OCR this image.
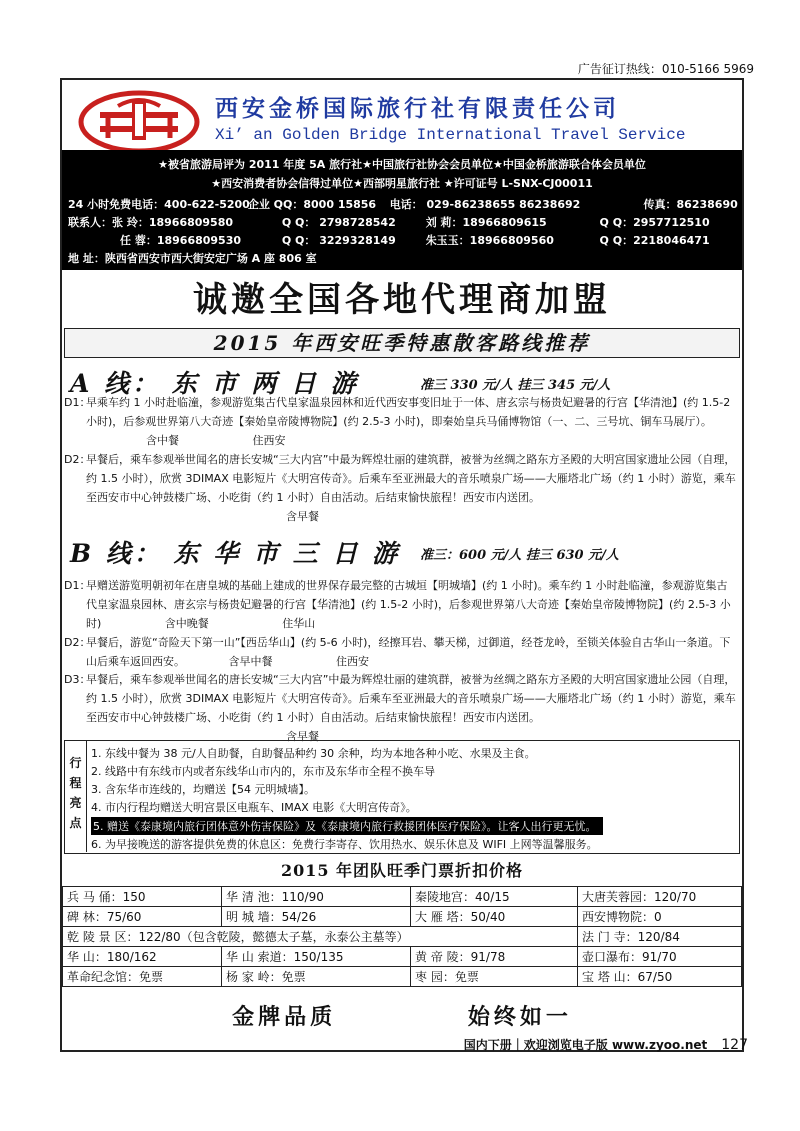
广告征订热线：010-5166 5969
西安金桥国际旅行社有限责任公司
Xi’ an Golden Bridge International Travel Service
★被省旅游局评为 2011 年度 5A 旅行社★中国旅行社协会会员单位★中国金桥旅游联合体会员单位
★西安消费者协会信得过单位★西部明星旅行社 ★许可证号 L-SNX-CJ00011
24 小时免费电话：400-622-5200 企业 QQ：8000 15856 电话： 029-86238655 86238692	传真：86238690
联系人：张 玲：18966809580	Q Q： 2798728542	刘 莉：18966809615	Q Q：2957712510
任 蓉：18966809530	Q Q： 3229328149	朱玉玉：18966809560	Q Q：2218046471
地 址：陕西省西安市西大街安定广场 A 座 806 室
诚邀全国各地代理商加盟
2015 年西安旺季特惠散客路线推荐
A 线： 东 市 两 日 游	准三 330 元/人 挂三 345 元/人
D1：
早乘车约 1 小时赴临潼，参观游览集古代皇家温泉园林和近代西安事变旧址于一体、唐玄宗与杨贵妃避暑的行宫【华清池】(约 1.5-2 小时)，后参观世界第八大奇迹【秦始皇帝陵博物院】(约 2.5-3 小时)，即秦始皇兵马俑博物馆（一、二、三号坑、铜车马展厅）。 含中餐	住西安
D2：
早餐后，乘车参观举世闻名的唐长安城“三大内宫”中最为辉煌壮丽的建筑群，被誉为丝绸之路东方圣殿的大明宫国家遗址公园（自理，约 1.5 小时），欣赏 3DIMAX 电影短片《大明宫传奇》。后乘车至亚洲最大的音乐喷泉广场——大雁塔北广场（约 1 小时）游览，乘车至西安市中心钟鼓楼广场、小吃街（约 1 小时）自由活动。后结束愉快旅程！西安市内送团。 含早餐
B 线： 东 华 市 三 日 游 准三：600 元/人 挂三 630 元/人
D1：
早赠送游览明朝初年在唐皇城的基础上建成的世界保存最完整的古城垣【明城墙】(约 1 小时)。乘车约 1 小时赴临潼，参观游览集古代皇家温泉园林、唐玄宗与杨贵妃避暑的行宫【华清池】(约 1.5-2 小时)，后参观世界第八大奇迹【秦始皇帝陵博物院】(约 2.5-3 小时)	含中晚餐	住华山
D2：
早餐后，游览“奇险天下第一山”【西岳华山】(约 5-6 小时)，经擦耳岩、攀天梯，过御道，经苍龙岭，至锁关体验自古华山一条道。下山后乘车返回西安。	含早中餐	住西安
D3：
早餐后，乘车参观举世闻名的唐长安城“三大内宫”中最为辉煌壮丽的建筑群，被誉为丝绸之路东方圣殿的大明宫国家遗址公园（自理，约 1.5 小时），欣赏 3DIMAX 电影短片《大明宫传奇》。后乘车至亚洲最大的音乐喷泉广场——大雁塔北广场（约 1 小时）游览，乘车至西安市中心钟鼓楼广场、小吃街（约 1 小时）自由活动。后结束愉快旅程！西安市内送团。 含早餐
行程亮点
1. 东线中餐为 38 元/人自助餐，自助餐品种约 30 余种，均为本地各种小吃、水果及主食。
2. 线路中有东线市内或者东线华山市内的，东市及东华市全程不换车导
3. 含东华市连线的，均赠送【54 元明城墙】。
4. 市内行程均赠送大明宫景区电瓶车、IMAX 电影《大明宫传奇》。
5. 赠送《泰康境内旅行团体意外伤害保险》及《泰康境内旅行救援团体医疗保险》。让客人出行更无忧。
6. 为早接晚送的游客提供免费的休息区：免费行李寄存、饮用热水、娱乐休息及 WIFI 上网等温馨服务。
2015 年团队旺季门票折扣价格
兵 马 俑：150	华 清 池：110/90	秦陵地宫：40/15	大唐芙蓉园：120/70
碑 林：75/60	明 城 墙：54/26	大 雁 塔：50/40	西安博物院：0
乾 陵 景 区：122/80（包含乾陵，懿德太子墓，永泰公主墓等）			法 门 寺：120/84
华 山：180/162	华 山 索道：150/135	黄 帝 陵：91/78	壶口瀑布：91/70
革命纪念馆：免票	杨 家 岭：免票	枣 园：免票	宝 塔 山：67/50
金牌品质	始终如一
国内下册｜欢迎浏览电子版 www.zyoo.net 127
